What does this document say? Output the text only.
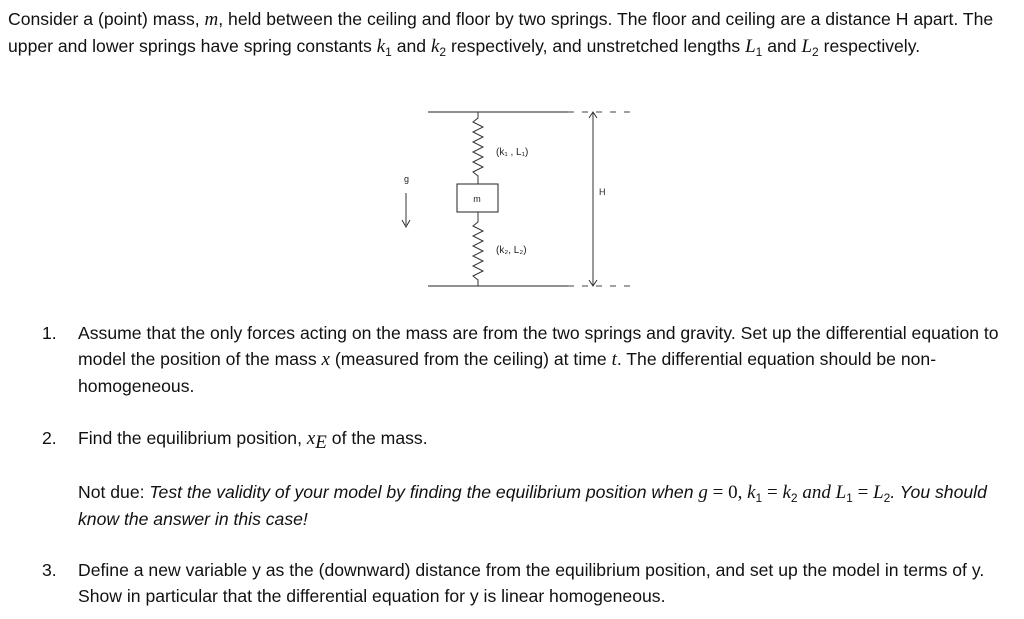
Consider a (point) mass, m, held between the ceiling and floor by two springs. The floor and ceiling are a distance H apart. The upper and lower springs have spring constants $k_1$ and $k_2$ respectively, and unstretched lengths $L_1$ and $L_2$ respectively.

m
(k₁ , L₁)
(k₂, L₂)
g
H
1. Assume that the only forces acting on the mass are from the two springs and gravity. Set up the differential equation to model the position of the mass x (measured from the ceiling) at time t. The differential equation should be non-homogeneous.
2. Find the equilibrium position, $x_E$ of the mass.
Not due: Test the validity of your model by finding the equilibrium position when g = 0, $k_1 = k_2$ and $L_1 = L_2$. You should know the answer in this case!
3. Define a new variable y as the (downward) distance from the equilibrium position, and set up the model in terms of y. Show in particular that the differential equation for y is linear homogeneous.
